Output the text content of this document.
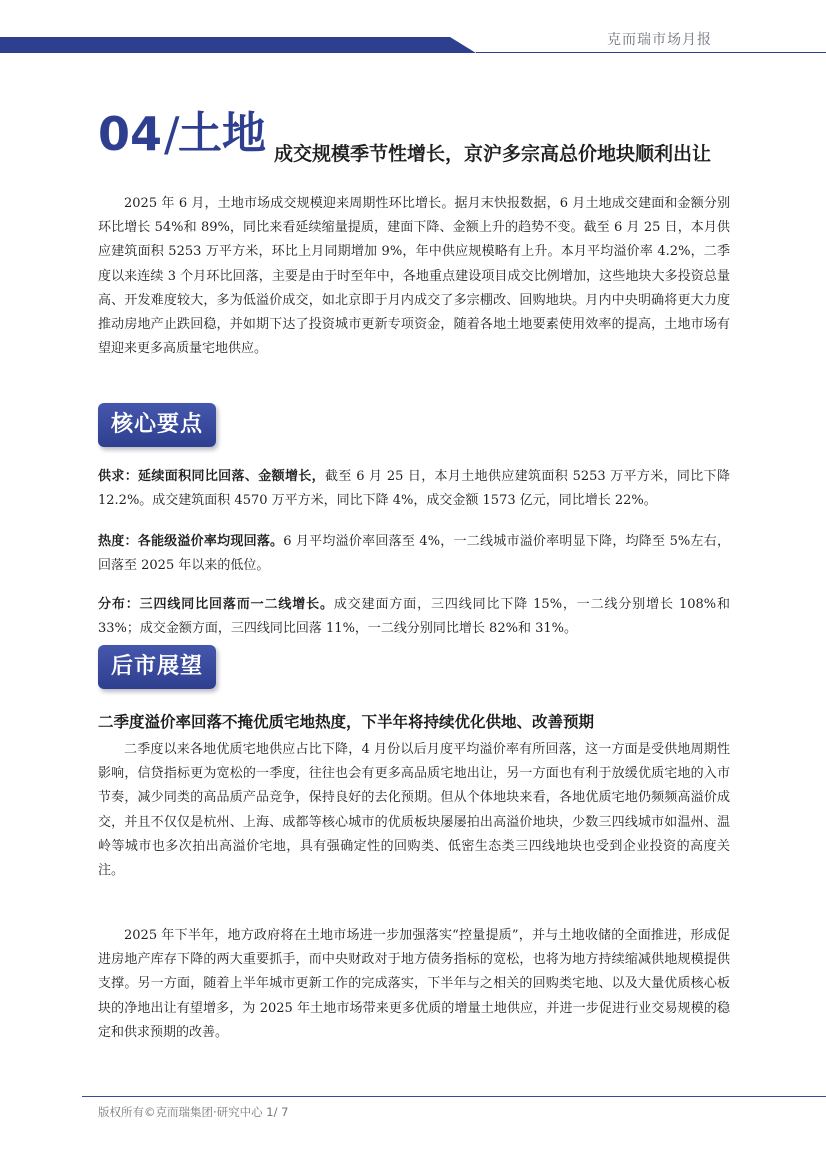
克而瑞市场月报
04/
土地 成交规模季节性增长，京沪多宗高总价地块顺利出让

2025 年 6 月，土地市场成交规模迎来周期性环比增长。据月末快报数据，6 月土地成交建面和金额分别环比增长 54%和 89%，同比来看延续缩量提质，建面下降、金额上升的趋势不变。截至 6 月 25 日，本月供应建筑面积 5253 万平方米，环比上月同期增加 9%，年中供应规模略有上升。本月平均溢价率 4.2%，二季度以来连续 3 个月环比回落，主要是由于时至年中，各地重点建设项目成交比例增加，这些地块大多投资总量高、开发难度较大，多为低溢价成交，如北京即于月内成交了多宗棚改、回购地块。月内中央明确将更大力度推动房地产止跌回稳，并如期下达了投资城市更新专项资金，随着各地土地要素使用效率的提高，土地市场有望迎来更多高质量宅地供应。

核心要点

供求：延续面积同比回落、金额增长，截至 6 月 25 日，本月土地供应建筑面积 5253 万平方米，同比下降 12.2%。成交建筑面积 4570 万平方米，同比下降 4%，成交金额 1573 亿元，同比增长 22%。

热度：各能级溢价率均现回落。6 月平均溢价率回落至 4%，一二线城市溢价率明显下降，均降至 5%左右，回落至 2025 年以来的低位。

分布：三四线同比回落而一二线增长。成交建面方面，三四线同比下降 15%，一二线分别增长 108%和 33%；成交金额方面，三四线同比回落 11%，一二线分别同比增长 82%和 31%。

后市展望
二季度溢价率回落不掩优质宅地热度，下半年将持续优化供地、改善预期

二季度以来各地优质宅地供应占比下降，4 月份以后月度平均溢价率有所回落，这一方面是受供地周期性影响，信贷指标更为宽松的一季度，往往也会有更多高品质宅地出让，另一方面也有利于放缓优质宅地的入市节奏，减少同类的高品质产品竞争，保持良好的去化预期。但从个体地块来看，各地优质宅地仍频频高溢价成交，并且不仅仅是杭州、上海、成都等核心城市的优质板块屡屡拍出高溢价地块，少数三四线城市如温州、温岭等城市也多次拍出高溢价宅地，具有强确定性的回购类、低密生态类三四线地块也受到企业投资的高度关注。

2025 年下半年，地方政府将在土地市场进一步加强落实“控量提质”，并与土地收储的全面推进，形成促进房地产库存下降的两大重要抓手，而中央财政对于地方债务指标的宽松，也将为地方持续缩减供地规模提供支撑。另一方面，随着上半年城市更新工作的完成落实，下半年与之相关的回购类宅地、以及大量优质核心板块的净地出让有望增多，为 2025 年土地市场带来更多优质的增量土地供应，并进一步促进行业交易规模的稳定和供求预期的改善。

版权所有©克而瑞集团·研究中心 1/ 7
